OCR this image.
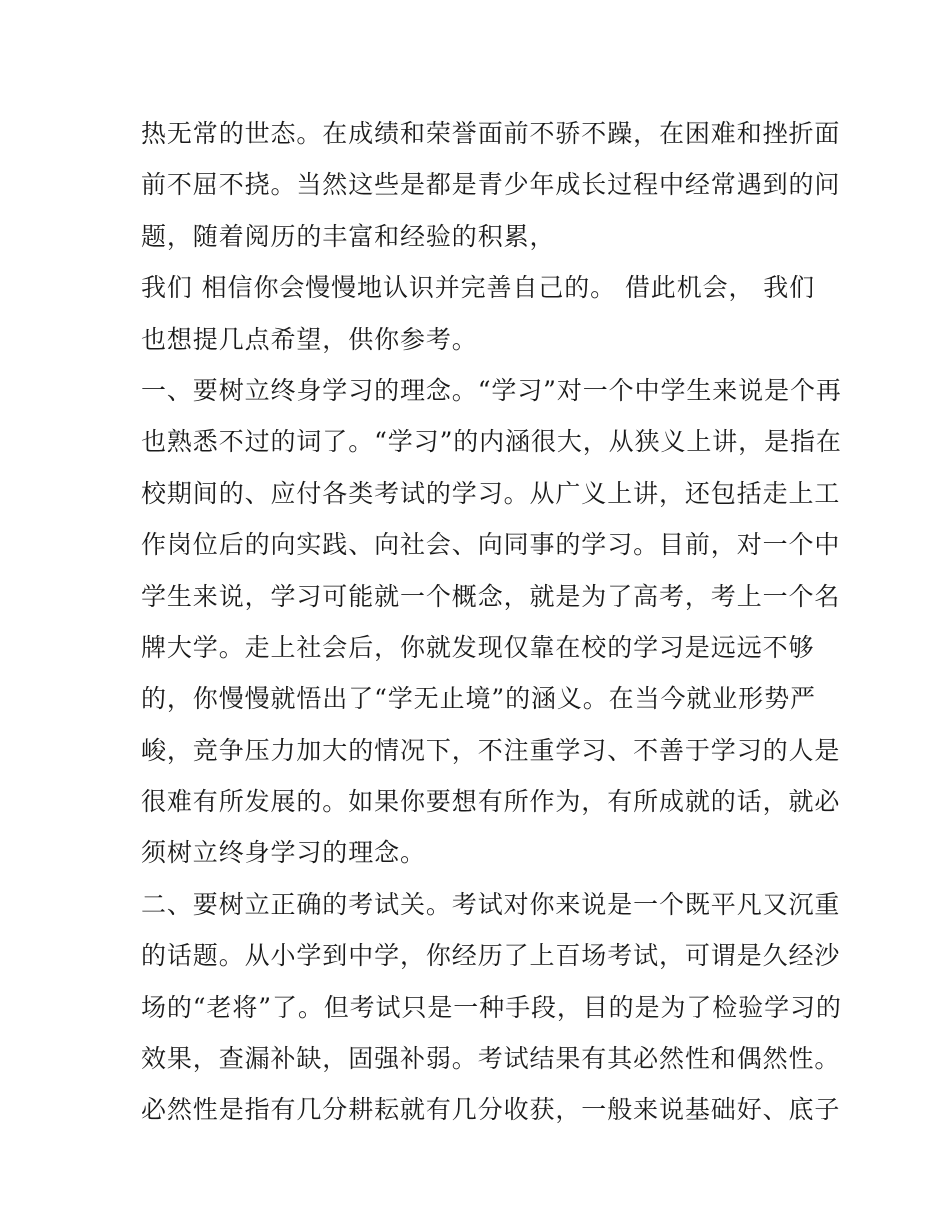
热无常的世态。在成绩和荣誉面前不骄不躁，在困难和挫折面
前不屈不挠。当然这些是都是青少年成长过程中经常遇到的问
题，随着阅历的丰富和经验的积累，
我们 相信你会慢慢地认识并完善自己的。 借此机会， 我们
也想提几点希望，供你参考。
一、要树立终身学习的理念。“学习”对一个中学生来说是个再
也熟悉不过的词了。“学习”的内涵很大，从狭义上讲，是指在
校期间的、应付各类考试的学习。从广义上讲，还包括走上工
作岗位后的向实践、向社会、向同事的学习。目前，对一个中
学生来说，学习可能就一个概念，就是为了高考，考上一个名
牌大学。走上社会后，你就发现仅靠在校的学习是远远不够
的，你慢慢就悟出了“学无止境”的涵义。在当今就业形势严
峻，竞争压力加大的情况下，不注重学习、不善于学习的人是
很难有所发展的。如果你要想有所作为，有所成就的话，就必
须树立终身学习的理念。
二、要树立正确的考试关。考试对你来说是一个既平凡又沉重
的话题。从小学到中学，你经历了上百场考试，可谓是久经沙
场的“老将”了。但考试只是一种手段，目的是为了检验学习的
效果，查漏补缺，固强补弱。考试结果有其必然性和偶然性。
必然性是指有几分耕耘就有几分收获，一般来说基础好、底子
